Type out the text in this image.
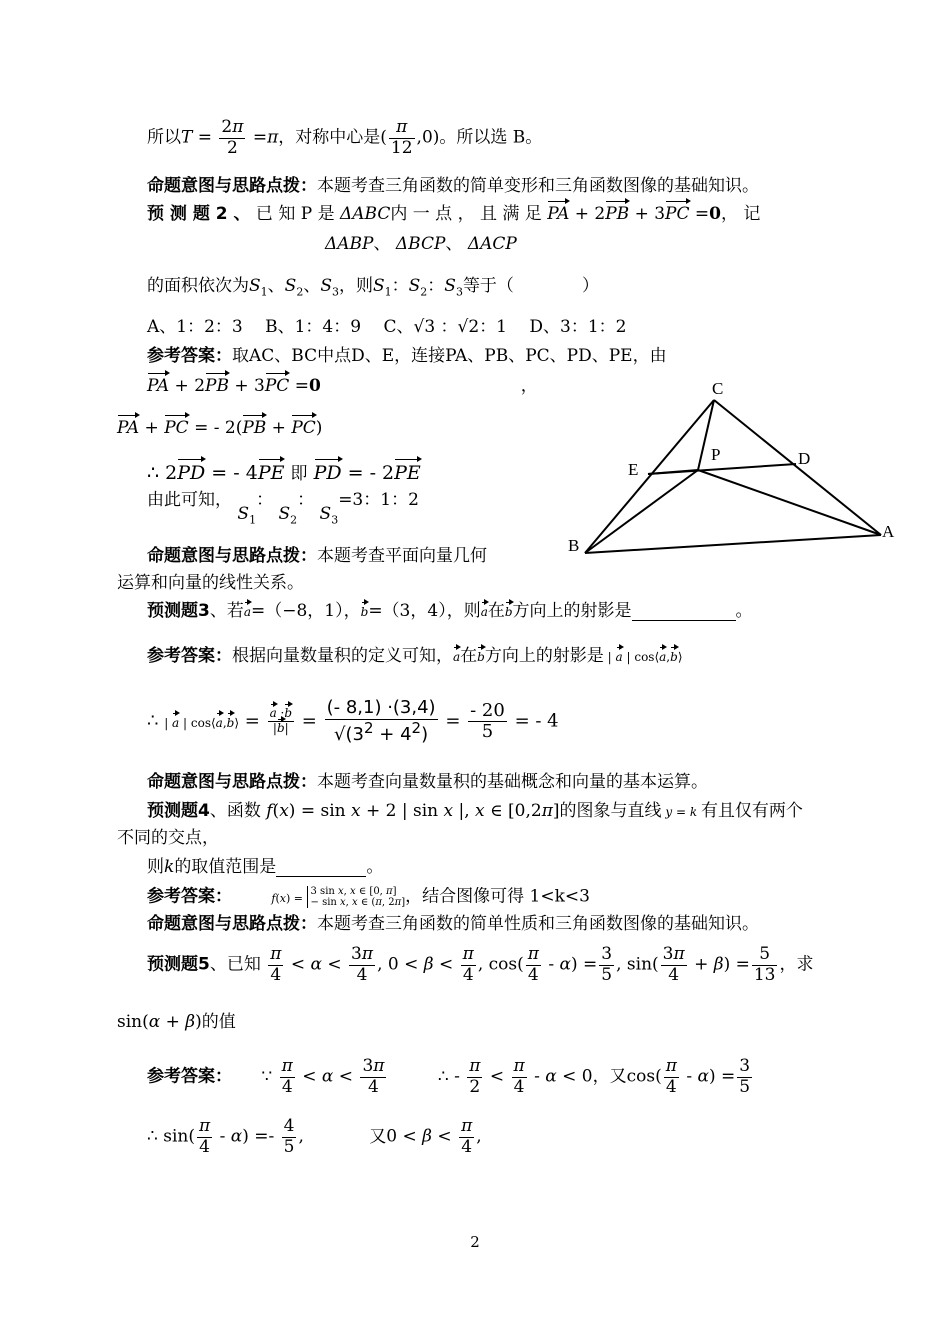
所以$T = \frac{2\pi}{2} =\pi$，对称中心是( $\frac{\pi}{12} ,0$)。所以选 B。
命题意图与思路点拨：本题考查三角函数的简单变形和三角函数图像的基础知识。
预 测 题 2 、 已 知 P 是 ΔABC内 一 点 ， 且 满 足 PA + 2PB + 3PC =0， 记
ΔABP、 ΔBCP、 ΔACP
的面积依次为$S_1$、$S_2$、$S_3$，则$S_1$：$S_2$：$S_3$等于（　　　　	）
A、1：2：3　 B、1：4：9　 C、√3 ：√2：1　 D、3：1：2
参考答案：取AC、BC中点D、E，连接PA、PB、PC、PD、PE，由
PA + 2PB + 3PC =0	，
PA + PC = - 2(PB + PC)
∴ 2PD = - 4PE 即 PD = - 2PE
由此可知， $S_1$： $S_2$： $S_3=3$：1：2
命题意图与思路点拨：本题考查平面向量几何
运算和向量的线性关系。
C
P	D
E
B
A
预测题3、若a=（−8，1），b=（3，4），则a在b方向上的射影是	。
参考答案：根据向量数量积的定义可知，a在b方向上的射影是 | a | cos⟨a,b⟩
∴ | a | cos⟨a,b⟩ = $\frac{a \cdot b}{|b|} = \frac{(- 8,1) \cdot(3,4)}{√(3^2 + 4^2)} = \frac{- 20}{5}$ = - 4
命题意图与思路点拨：本题考查向量数量积的基础概念和向量的基本运算。
预测题4、函数 f(x) = sin x + 2 | sin x |, x ∈ [0,2π]的图象与直线 y = k 有且仅有两个
不同的交点，
则k的取值范围是	。
参考答案：	f(x) = 3 sin x, x ∈ [0, π]
− sin x, x ∈ (π, 2π]，结合图像可得 1<k<3
命题意图与思路点拨：本题考查三角函数的简单性质和三角函数图像的基础知识。
预测题5、已知 $\frac{\pi}{4} < \alpha < \frac{3\pi}{4}$ , $0 < \beta < \frac{\pi}{4}$ , $\cos( \frac{\pi}{4} - \alpha) = \frac{3}{5}$ , $\sin( \frac{3\pi}{4} + \beta) = \frac{5}{13}$ ，求
sin(α + β)的值
参考答案： ∵ $\frac{\pi}{4} < \alpha < \frac{3\pi}{4}$	∴ - $\frac{\pi}{2} < \frac{\pi}{4} - \alpha < 0$，又$\cos( \frac{\pi}{4} - \alpha) = \frac{3}{5}$
∴ $\sin( \frac{\pi}{4} - \alpha) =- \frac{4}{5}$ ,	又$0 < \beta < \frac{\pi}{4}$ ,
2
